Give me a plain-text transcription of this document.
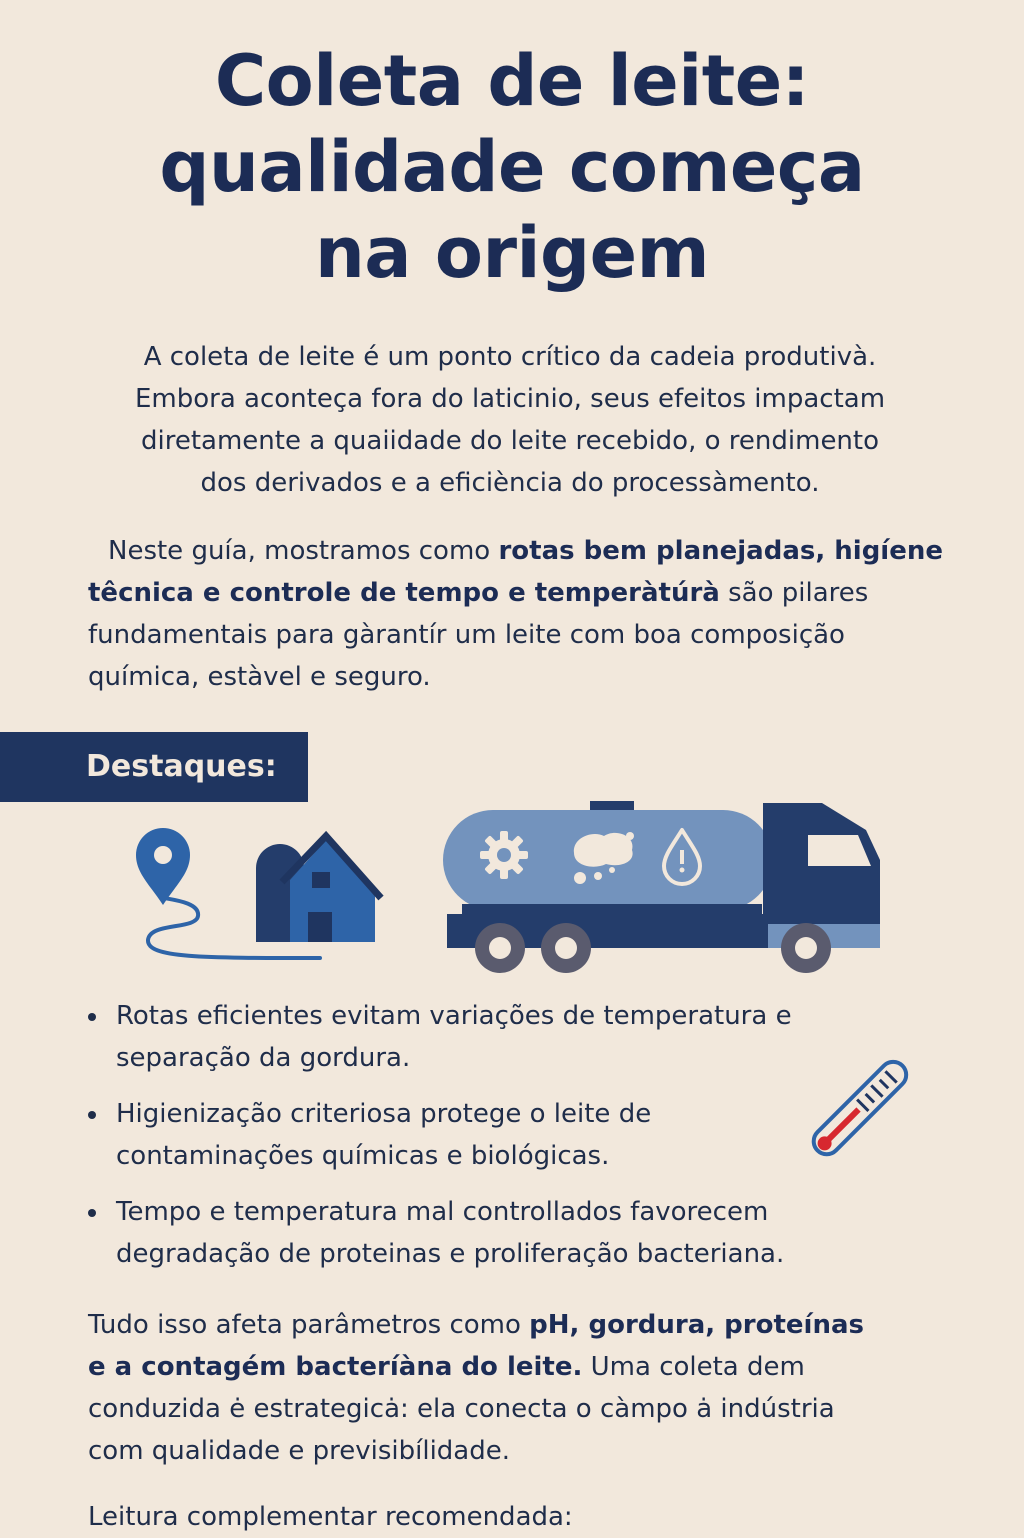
Coleta de leite:
qualidade começa
na origem

A coleta de leite é um ponto crítico da cadeia produtivà.
Embora aconteça fora do laticinio, seus efeitos impactam
diretamente a quaiidade do leite recebido, o rendimento
dos derivados e a eficiència do processàmento.

Neste guía, mostramos como rotas bem planejadas, higíene
têcnica e controle de tempo e temperàtúrà são pilares
fundamentais para gàrantír um leite com boa composição
química, estàvel e seguro.

Destaques:
Rotas eficientes evitam variações de temperatura e
separação da gordura.
Higienização criteriosa protege o leite de
contaminações químicas e biológicas.
Tempo e temperatura mal controllados favorecem
degradação de proteinas e proliferação bacteriana.

Tudo isso afeta parâmetros como pH, gordura, proteínas
e a contagém bacteríàna do leite. Uma coleta dem
conduzida ė estrategicȧ: ela conecta o càmpo ȧ indústria
com qualidade e previsibílidade.

Leitura complementar recomendada:
